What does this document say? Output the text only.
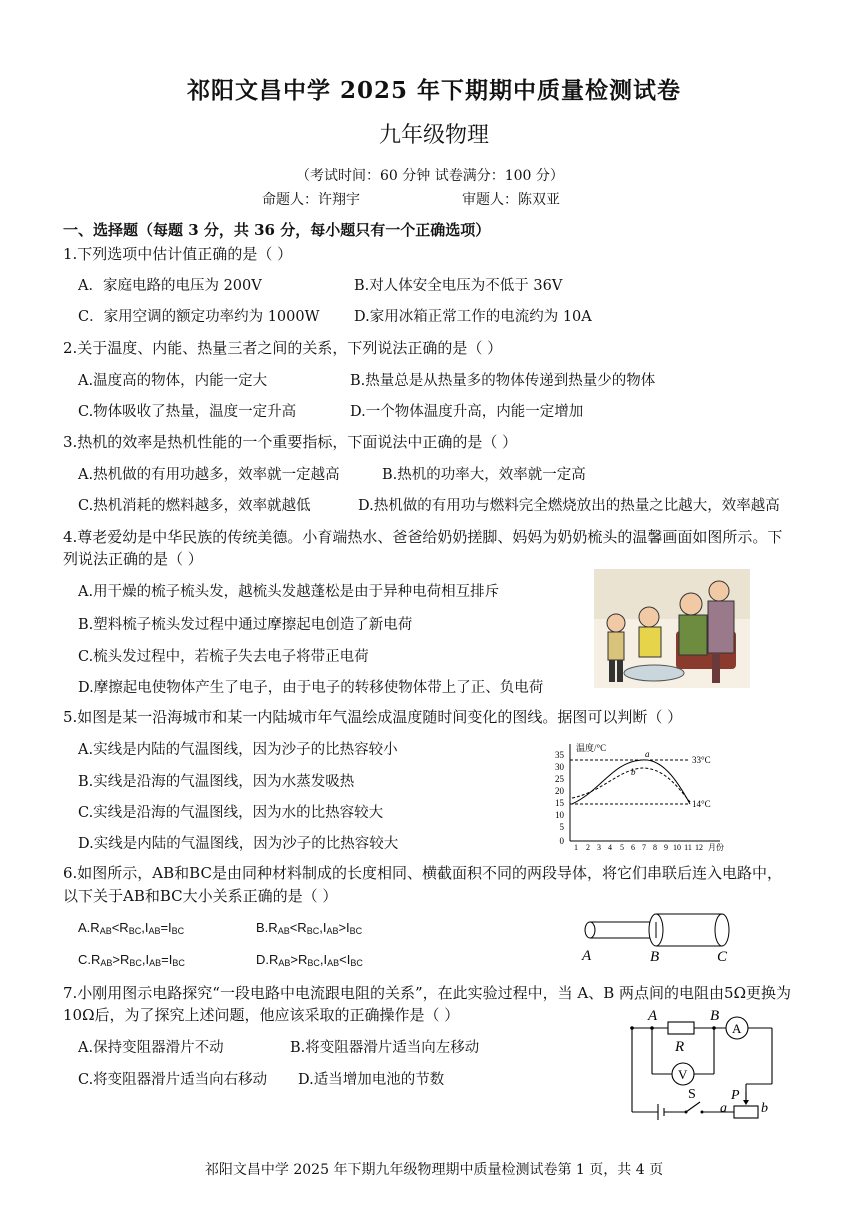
祁阳文昌中学 2025 年下期期中质量检测试卷
九年级物理
（考试时间：60 分钟 试卷满分：100 分）
命题人：许翔宇	审题人：陈双亚
一、选择题（每题 3 分，共 36 分，每小题只有一个正确选项）
1.下列选项中估计值正确的是（ ）
A．家庭电路的电压为 200V	B.对人体安全电压为不低于 36V
C．家用空调的额定功率约为 1000W D.家用冰箱正常工作的电流约为 10A
2.关于温度、内能、热量三者之间的关系，下列说法正确的是（ ）
A.温度高的物体，内能一定大	B.热量总是从热量多的物体传递到热量少的物体
C.物体吸收了热量，温度一定升高	D.一个物体温度升高，内能一定增加
3.热机的效率是热机性能的一个重要指标，下面说法中正确的是（ ）
A.热机做的有用功越多，效率就一定越高	B.热机的功率大，效率就一定高
C.热机消耗的燃料越多，效率就越低	D.热机做的有用功与燃料完全燃烧放出的热量之比越大，效率越高
4.尊老爱幼是中华民族的传统美德。小育端热水、爸爸给奶奶搓脚、妈妈为奶奶梳头的温馨画面如图所示。下
列说法正确的是（ ）
A.用干燥的梳子梳头发，越梳头发越蓬松是由于异种电荷相互排斥
B.塑料梳子梳头发过程中通过摩擦起电创造了新电荷
C.梳头发过程中，若梳子失去电子将带正电荷
D.摩擦起电使物体产生了电子，由于电子的转移使物体带上了正、负电荷
5.如图是某一沿海城市和某一内陆城市年气温绘成温度随时间变化的图线。据图可以判断（ ）
A.实线是内陆的气温图线，因为沙子的比热容较小
B.实线是沿海的气温图线，因为水蒸发吸热
C.实线是沿海的气温图线，因为水的比热容较大
D.实线是内陆的气温图线，因为沙子的比热容较大
35
30
25
20
15
10
5
0
温度/°C
1 2 3 4 5 6 7 8 9 10 11 12 月份
33°C
14°C
a
b
6.如图所示，AB和BC是由同种材料制成的长度相同、横截面积不同的两段导体，将它们串联后连入电路中，
以下关于AB和BC大小关系正确的是（ ）
$A.R_{AB}<R_{BC},I_{AB}=I_{BC}$	$B.R_{AB}<R_{BC},I_{AB}>I_{BC}$
$C.R_{AB}>R_{BC},I_{AB}=I_{BC}$	$D.R_{AB}>R_{BC},I_{AB}<I_{BC}$	A	B	C
7.小刚用图示电路探究“一段电路中电流跟电阻的关系”，在此实验过程中，当 A、B 两点间的电阻由5Ω更换为
10Ω后，为了探究上述问题，他应该采取的正确操作是（ ）
A.保持变阻器滑片不动	B.将变阻器滑片适当向左移动
C.将变阻器滑片适当向右移动 D.适当增加电池的节数
A	B
R
A
V
S	P
a b
祁阳文昌中学 2025 年下期九年级物理期中质量检测试卷第 1 页，共 4 页
